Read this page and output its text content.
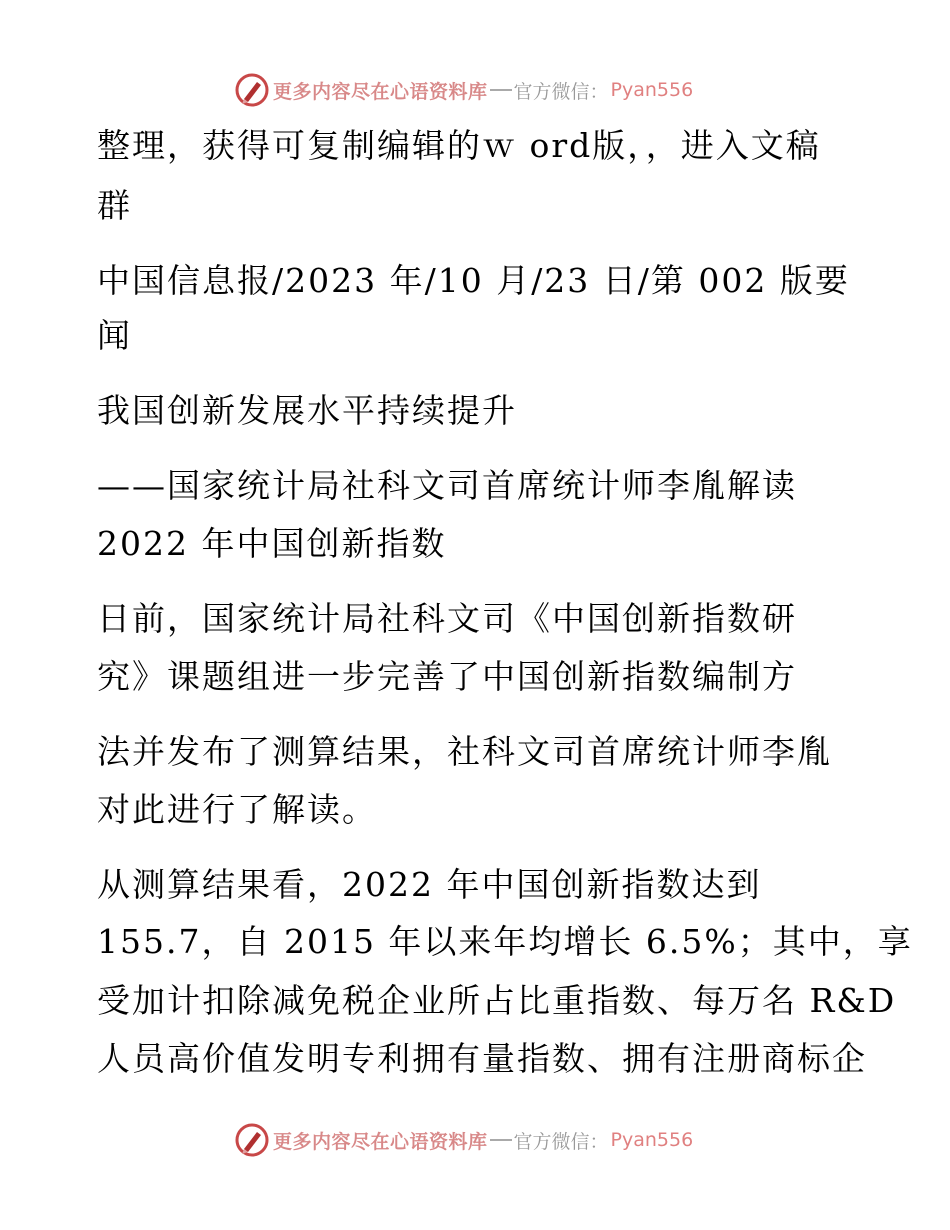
更多内容尽在心语资料库 官方微信： Pyan556
整理，获得可复制编辑的ｗ ord版，，进入文稿
群
中国信息报/2023 年/10 月/23 日/第 002 版要
闻
我国创新发展水平持续提升
——国家统计局社科文司首席统计师李胤解读
2022 年中国创新指数
日前，国家统计局社科文司《中国创新指数研
究》课题组进一步完善了中国创新指数编制方
法并发布了测算结果，社科文司首席统计师李胤
对此进行了解读。
从测算结果看，2022 年中国创新指数达到
155.7，自 2015 年以来年均增长 6.5%；其中，享
受加计扣除减免税企业所占比重指数、每万名 R&D
人员高价值发明专利拥有量指数、拥有注册商标企
更多内容尽在心语资料库 官方微信： Pyan556
